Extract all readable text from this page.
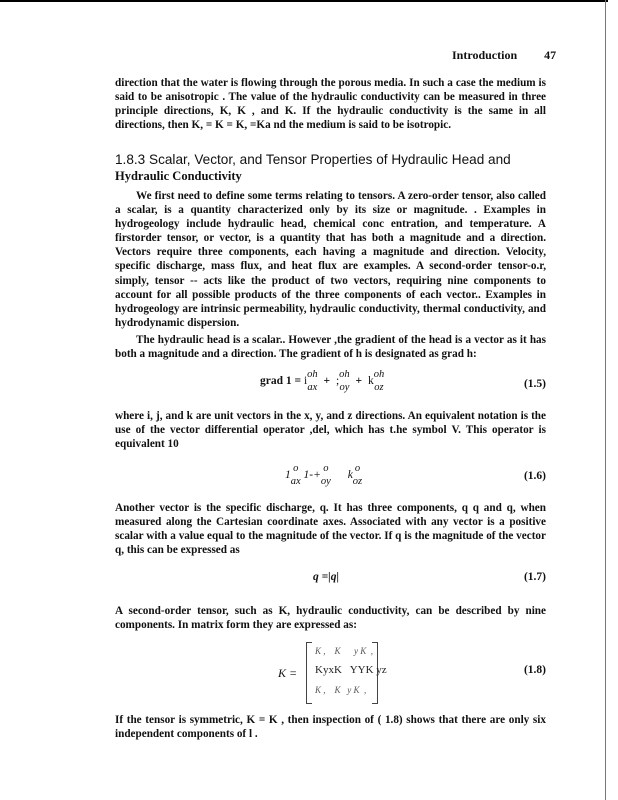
Introduction 47

direction that the water is flowing through the porous media. In such a case the medium is said to be anisotropic . The value of the hydraulic conductivity can be measured in three principle directions, K, K , and K. If the hydraulic conductivity is the same in all directions, then K, = K = K, =Ka nd the medium is said to be isotropic.

1.8.3 Scalar, Vector, and Tensor Properties of Hydraulic Head and
Hydraulic Conductivity

We first need to define some terms relating to tensors. A zero-order tensor, also called a scalar, is a quantity characterized only by its size or magnitude. . Examples in hydrogeology include hydraulic head, chemical conc entration, and temperature. A firstorder tensor, or vector, is a quantity that has both a magnitude and a direction. Vectors require three components, each having a magnitude and direction. Velocity, specific discharge, mass flux, and heat flux are examples. A second-order tensor-o.r, simply, tensor -- acts like the product of two vectors, requiring nine components to account for all possible products of the three components of each vector.. Examples in hydrogeology are intrinsic permeability, hydraulic conductivity, thermal conductivity, and hydrodynamic dispersion.

The hydraulic head is a scalar.. However ,the gradient of the head is a vector as it has both a magnitude and a direction. The gradient of h is designated as grad h:

grad 1 = i
oh
ax
+ ;
oh
oy
+ k
oh
oz	(1.5)

where i, j, and k are unit vectors in the x, y, and z directions. An equivalent notation is the use of the vector differential operator ,del, which has t.he symbol V. This operator is equivalent 10

1
o
ax
1-+
o
oy
k
o
oz	(1.6)

Another vector is the specific discharge, q. It has three components, q q and q, when measured along the Cartesian coordinate axes. Associated with any vector is a positive scalar with a value equal to the magnitude of the vector. If q is the magnitude of the vector q, this can be expressed as

q =|q|	(1.7)

A second-order tensor, such as K, hydraulic conductivity, can be described by nine components. In matrix form they are expressed as:

K =
K ,    K      y K  ,
KyxK   YYK yz
K ,    K   y K  ,
(1.8)

If the tensor is symmetric, K = K , then inspection of ( 1.8) shows that there are only six independent components of l .
